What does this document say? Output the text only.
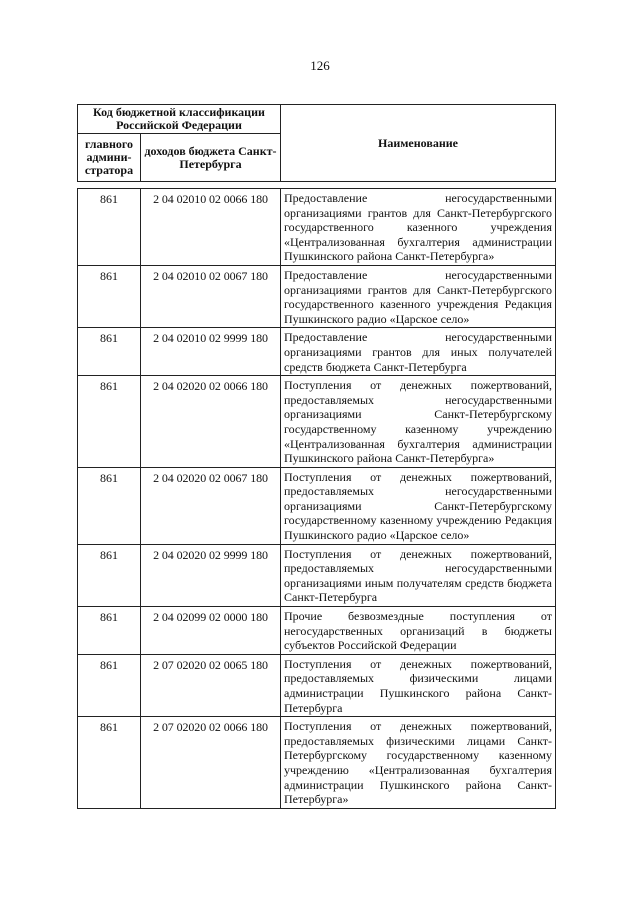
126
Код бюджетной классификации Российской Федерации		Наименование
главного админи-стратора	доходов бюджета Санкт-Петербурга	
861	2 04 02010 02 0066 180	Предоставление негосударственными организациями грантов для Санкт-Петербургского государственного казенного учреждения «Централизованная бухгалтерия администрации Пушкинского района Санкт-Петербурга»
861	2 04 02010 02 0067 180	Предоставление негосударственными организациями грантов для Санкт-Петербургского государственного казенного учреждения Редакция Пушкинского радио «Царское село»
861	2 04 02010 02 9999 180	Предоставление негосударственными организациями грантов для иных получателей средств бюджета Санкт-Петербурга
861	2 04 02020 02 0066 180	Поступления от денежных пожертвований, предоставляемых негосударственными организациями Санкт-Петербургскому государственному казенному учреждению «Централизованная бухгалтерия администрации Пушкинского района Санкт-Петербурга»
861	2 04 02020 02 0067 180	Поступления от денежных пожертвований, предоставляемых негосударственными организациями Санкт-Петербургскому государственному казенному учреждению Редакция Пушкинского радио «Царское село»
861	2 04 02020 02 9999 180	Поступления от денежных пожертвований, предоставляемых негосударственными организациями иным получателям средств бюджета Санкт-Петербурга
861	2 04 02099 02 0000 180	Прочие безвозмездные поступления от негосударственных организаций в бюджеты субъектов Российской Федерации
861	2 07 02020 02 0065 180	Поступления от денежных пожертвований, предоставляемых физическими лицами администрации Пушкинского района Санкт-Петербурга
861	2 07 02020 02 0066 180	Поступления от денежных пожертвований, предоставляемых физическими лицами Санкт-Петербургскому государственному казенному учреждению «Централизованная бухгалтерия администрации Пушкинского района Санкт-Петербурга»
